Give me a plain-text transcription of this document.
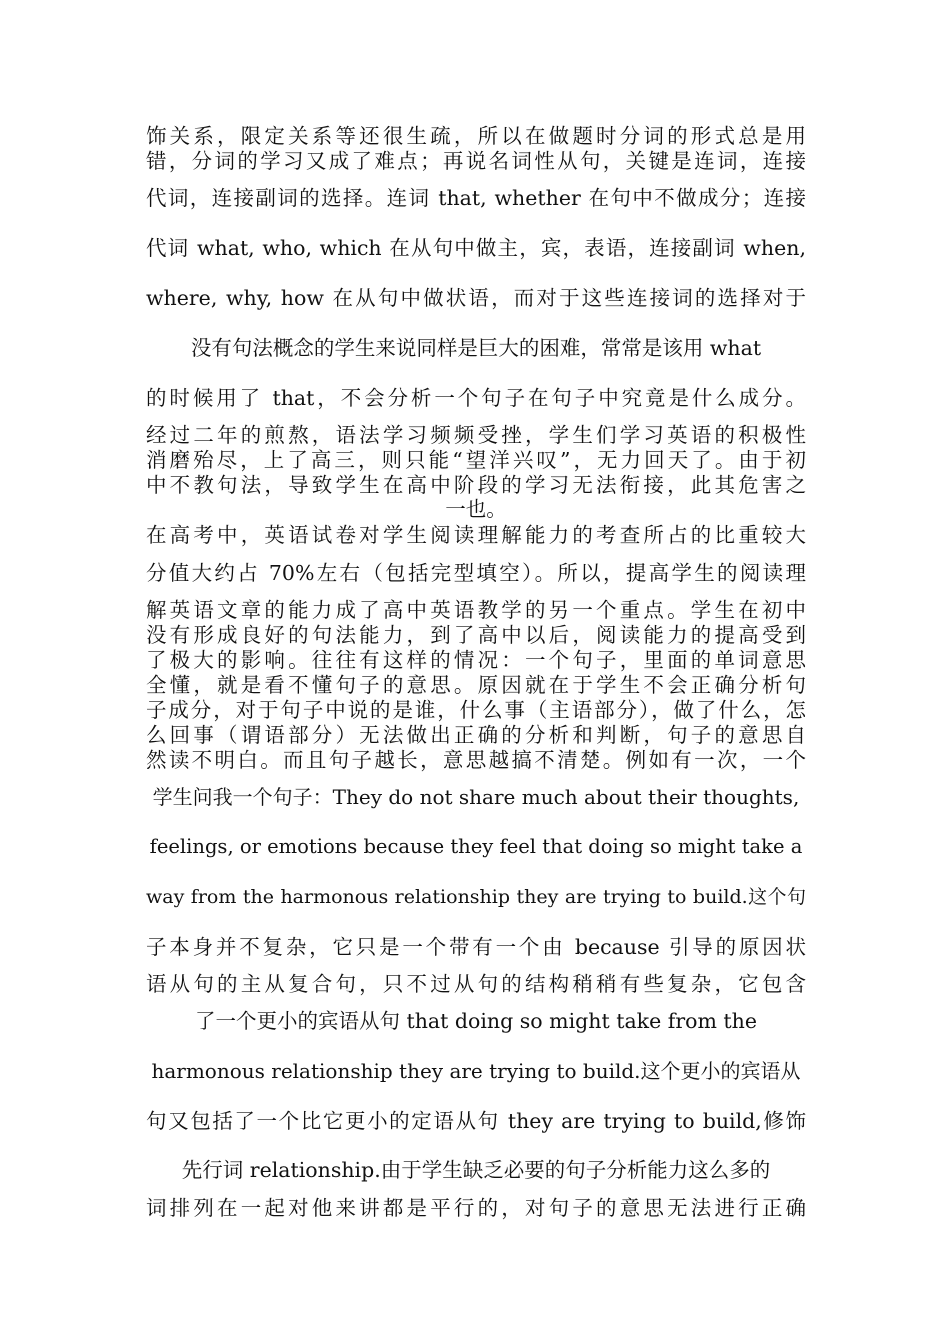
饰关系，限定关系等还很生疏，所以在做题时分词的形式总是用
错，分词的学习又成了难点；再说名词性从句，关键是连词，连接
代词，连接副词的选择。连词 that, whether 在句中不做成分；连接
代词 what, who, which 在从句中做主，宾，表语，连接副词 when,
where, why, how 在从句中做状语，而对于这些连接词的选择对于
没有句法概念的学生来说同样是巨大的困难，常常是该用 what
的时候用了 that，不会分析一个句子在句子中究竟是什么成分。
经过二年的煎熬，语法学习频频受挫，学生们学习英语的积极性
消磨殆尽，上了高三，则只能“望洋兴叹”，无力回天了。由于初
中不教句法，导致学生在高中阶段的学习无法衔接，此其危害之
一也。
在高考中，英语试卷对学生阅读理解能力的考查所占的比重较大
分值大约占 70%左右（包括完型填空）。所以，提高学生的阅读理
解英语文章的能力成了高中英语教学的另一个重点。学生在初中
没有形成良好的句法能力，到了高中以后，阅读能力的提高受到
了极大的影响。往往有这样的情况：一个句子，里面的单词意思
全懂，就是看不懂句子的意思。原因就在于学生不会正确分析句
子成分，对于句子中说的是谁，什么事（主语部分），做了什么，怎
么回事（谓语部分）无法做出正确的分析和判断，句子的意思自
然读不明白。而且句子越长，意思越搞不清楚。例如有一次，一个
学生问我一个句子：They do not share much about their thoughts,
feelings, or emotions because they feel that doing so might take a
way from the harmonous relationship they are trying to build.这个句
子本身并不复杂，它只是一个带有一个由 because 引导的原因状
语从句的主从复合句，只不过从句的结构稍稍有些复杂，它包含
了一个更小的宾语从句 that doing so might take from the
harmonous relationship they are trying to build.这个更小的宾语从
句又包括了一个比它更小的定语从句 they are trying to build,修饰
先行词 relationship.由于学生缺乏必要的句子分析能力这么多的
词排列在一起对他来讲都是平行的，对句子的意思无法进行正确
